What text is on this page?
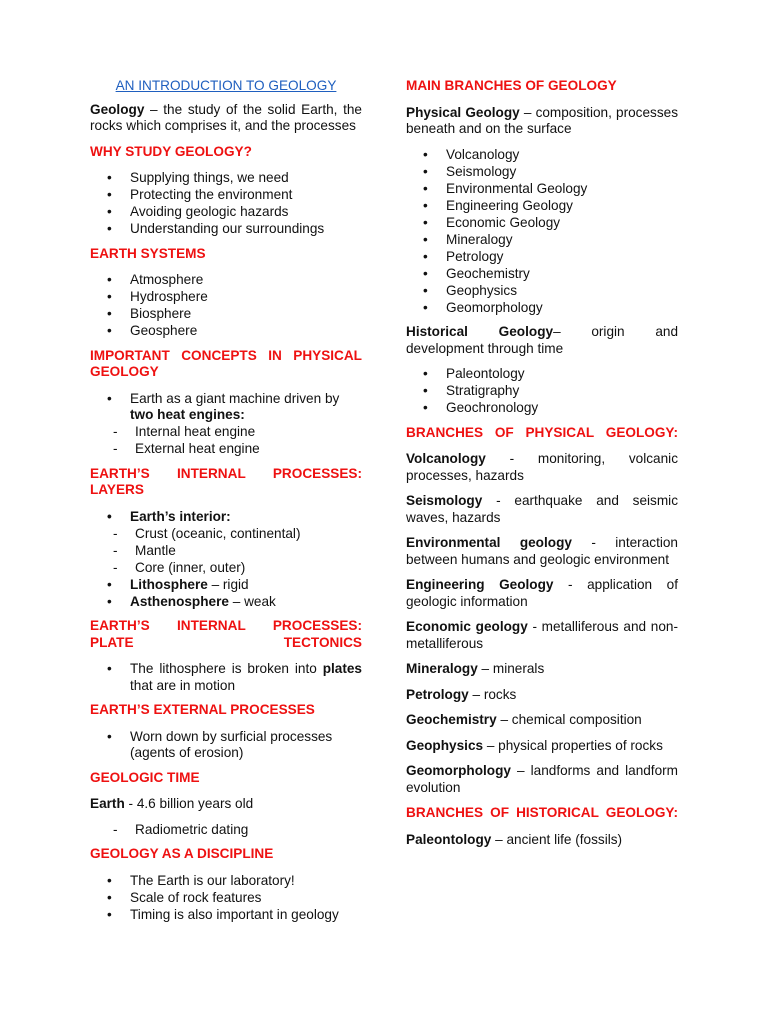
AN INTRODUCTION TO GEOLOGY

Geology – the study of the solid Earth, the rocks which comprises it, and the processes

WHY STUDY GEOLOGY?
• Supplying things, we need
• Protecting the environment
• Avoiding geologic hazards
• Understanding our surroundings
EARTH SYSTEMS
• Atmosphere
• Hydrosphere
• Biosphere
• Geosphere
IMPORTANT CONCEPTS IN PHYSICAL GEOLOGY
• Earth as a giant machine driven by two heat engines:
- Internal heat engine
- External heat engine
EARTH’S INTERNAL PROCESSES: LAYERS
• Earth’s interior:
- Crust (oceanic, continental)
- Mantle
- Core (inner, outer)
• Lithosphere – rigid
• Asthenosphere – weak
EARTH’S INTERNAL PROCESSES: PLATE TECTONICS
• The lithosphere is broken into plates that are in motion
EARTH’S EXTERNAL PROCESSES
• Worn down by surficial processes (agents of erosion)
GEOLOGIC TIME

Earth - 4.6 billion years old

- Radiometric dating
GEOLOGY AS A DISCIPLINE
• The Earth is our laboratory!
• Scale of rock features
• Timing is also important in geology
MAIN BRANCHES OF GEOLOGY

Physical Geology – composition, processes beneath and on the surface

• Volcanology
• Seismology
• Environmental Geology
• Engineering Geology
• Economic Geology
• Mineralogy
• Petrology
• Geochemistry
• Geophysics
• Geomorphology

Historical Geology– origin and development through time

• Paleontology
• Stratigraphy
• Geochronology
BRANCHES OF PHYSICAL GEOLOGY:

Volcanology - monitoring, volcanic processes, hazards

Seismology - earthquake and seismic waves, hazards

Environmental geology - interaction between humans and geologic environment

Engineering Geology - application of geologic information

Economic geology - metalliferous and non-metalliferous

Mineralogy – minerals

Petrology – rocks

Geochemistry – chemical composition

Geophysics – physical properties of rocks

Geomorphology – landforms and landform evolution

BRANCHES OF HISTORICAL GEOLOGY:

Paleontology – ancient life (fossils)
